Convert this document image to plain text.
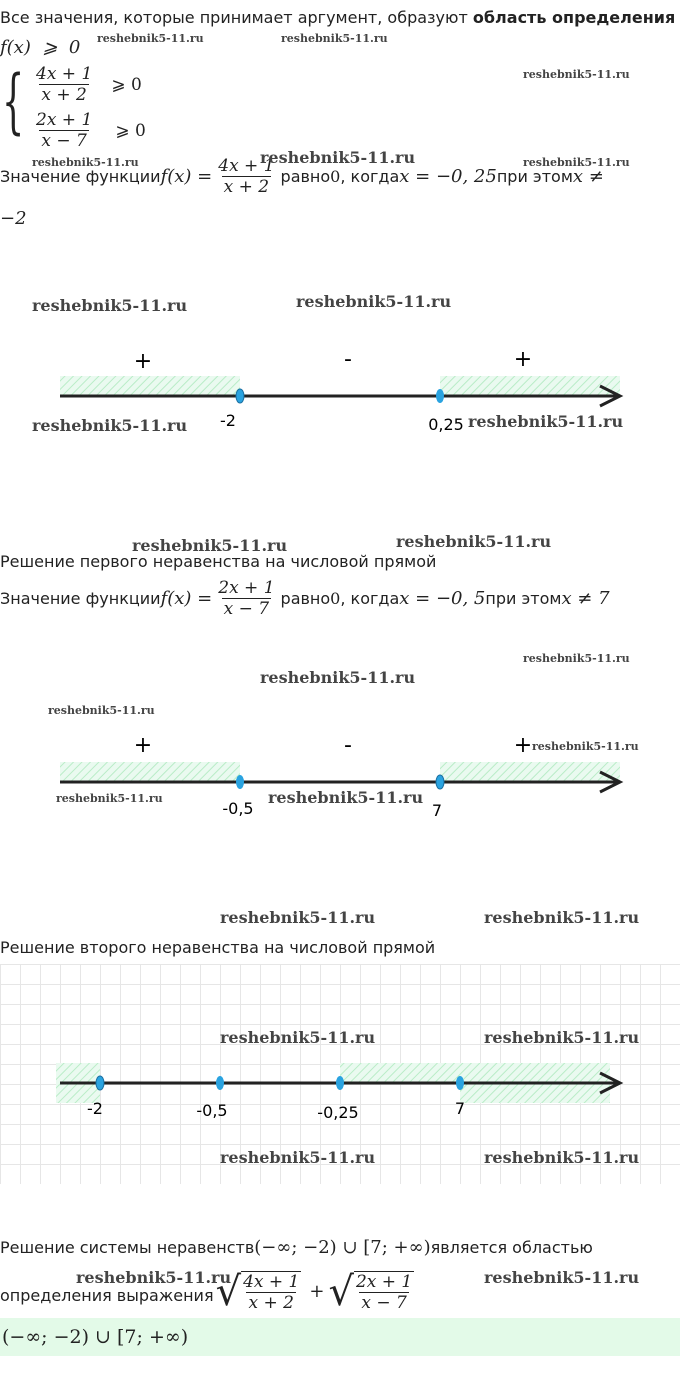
Все значения, которые принимает аргумент, образуют область определения
f(x) ⩾ 0
{ $\frac{4x + 1}{x + 2}$ ⩾ 0
$\frac{2x + 1}{x - 7}$ ⩾ 0
Значение функции $f(x) = \frac{4x + 1}{x + 2}$ равно 0 , когда x = −0, 25 при этом x ≠
−2
+	-	+
-2	0,25
Решение первого неравенства на числовой прямой
Значение функции $f(x) = \frac{2x + 1}{x - 7}$ равно 0 , когда x = −0, 5 при этом x ≠ 7
+	-	+
-0,5	7
Решение второго неравенства на числовой прямой
-2	-0,5	-0,25	7
Решение системы неравенств (−∞; −2) ∪ [7; +∞) является областью
определения выражения √ $\frac{4x + 1}{x + 2}$ + √ $\frac{2x + 1}{x - 7}$
(−∞; −2) ∪ [7; +∞)
reshebnik5-11.ru	reshebnik5-11.ru
reshebnik5-11.ru
reshebnik5-11.ru	reshebnik5-11.ru	reshebnik5-11.ru
reshebnik5-11.ru
reshebnik5-11.ru
reshebnik5-11.ru	reshebnik5-11.ru
reshebnik5-11.ru	reshebnik5-11.ru
reshebnik5-11.ru
reshebnik5-11.ru
reshebnik5-11.ru
reshebnik5-11.ru
reshebnik5-11.ru	reshebnik5-11.ru
reshebnik5-11.ru	reshebnik5-11.ru
reshebnik5-11.ru	reshebnik5-11.ru
reshebnik5-11.ru	reshebnik5-11.ru
reshebnik5-11.ru	reshebnik5-11.ru
